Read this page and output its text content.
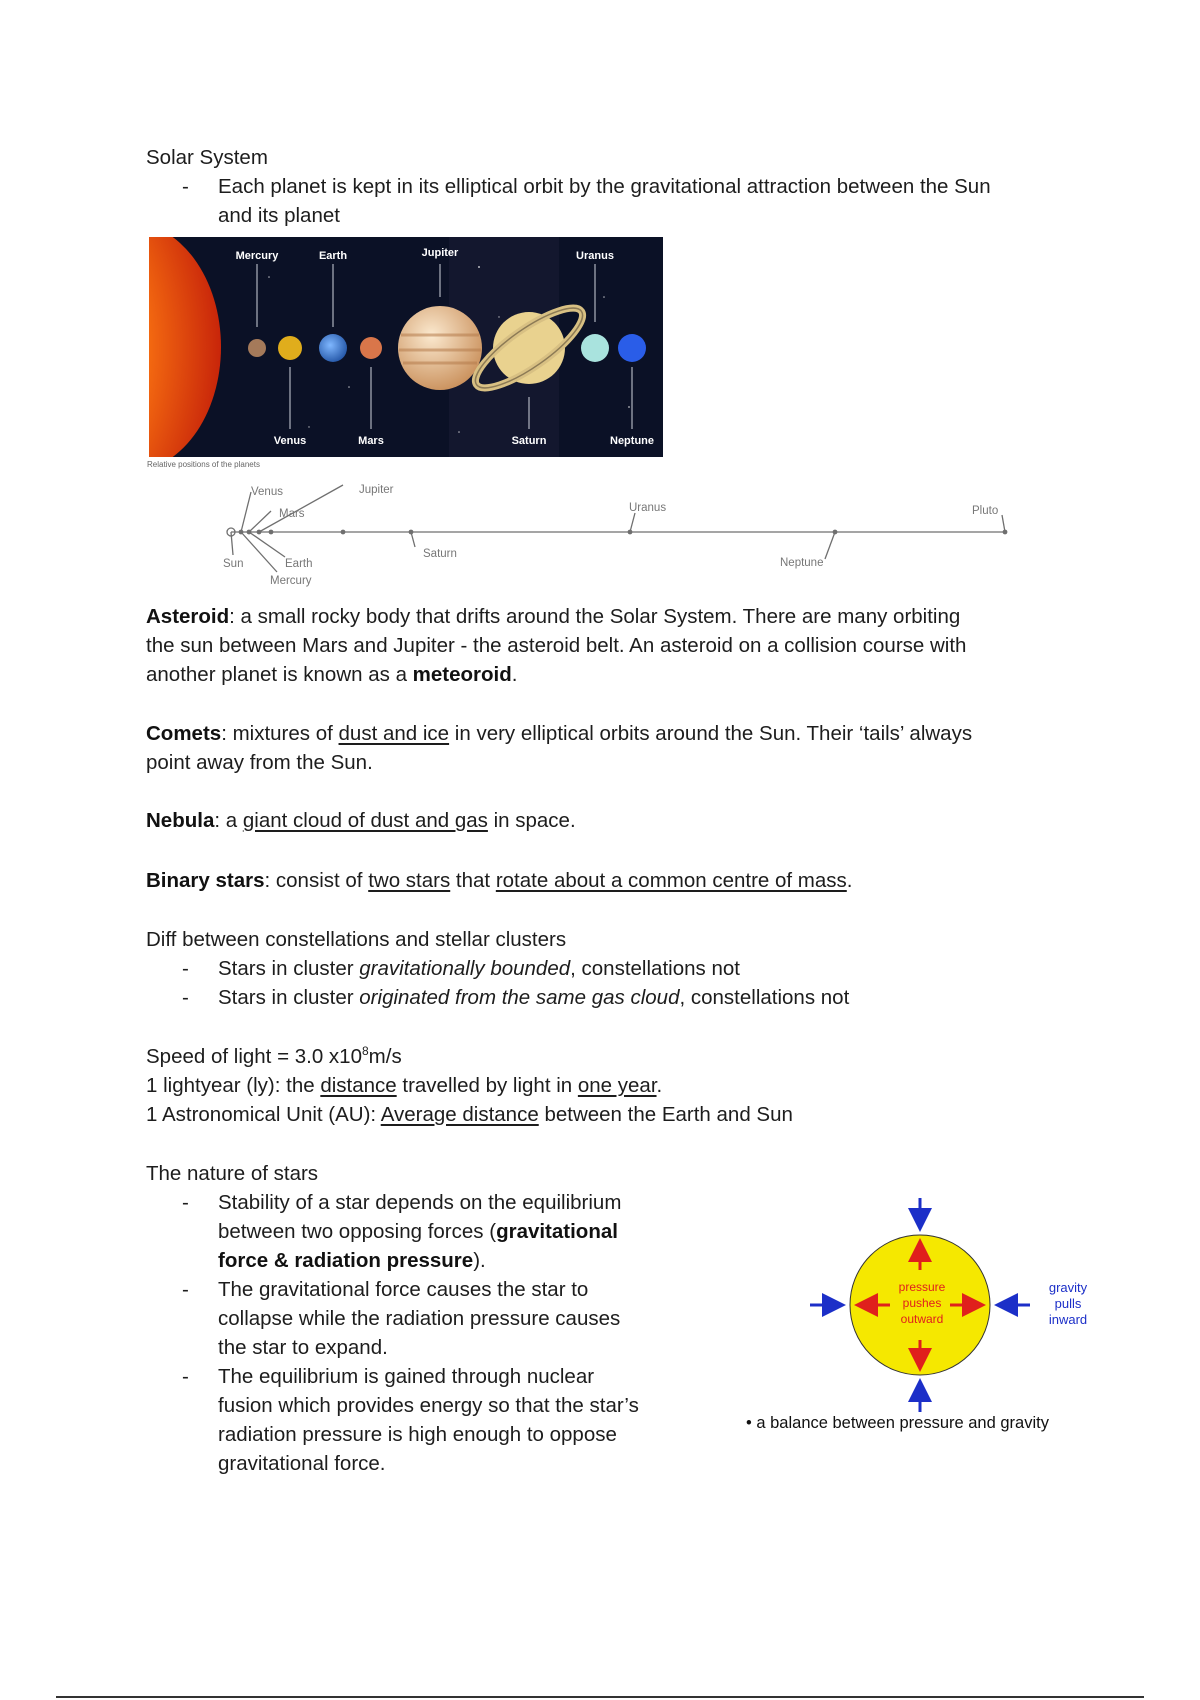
Solar System
- Each planet is kept in its elliptical orbit by the gravitational attraction between the Sun
and its planet
Mercury	Earth	Jupiter	Uranus
Venus	Mars	Saturn	Neptune
Relative positions of the planets
Venus
Mars
Jupiter
Uranus	Pluto
Sun	Earth
Mercury
Saturn
Neptune
Asteroid: a small rocky body that drifts around the Solar System. There are many orbiting
the sun between Mars and Jupiter - the asteroid belt. An asteroid on a collision course with
another planet is known as a meteoroid.
Comets: mixtures of dust and ice in very elliptical orbits around the Sun. Their ‘tails’ always
point away from the Sun.
Nebula: a giant cloud of dust and gas in space.
Binary stars: consist of two stars that rotate about a common centre of mass.
Diff between constellations and stellar clusters
- Stars in cluster gravitationally bounded, constellations not
- Stars in cluster originated from the same gas cloud, constellations not
Speed of light = 3.0 $x10^8m/s$
1 lightyear (ly): the distance travelled by light in one year.
1 Astronomical Unit (AU): Average distance between the Earth and Sun
The nature of stars
- Stability of a star depends on the equilibrium
between two opposing forces (gravitational
force & radiation pressure).
- The gravitational force causes the star to
collapse while the radiation pressure causes
the star to expand.
- The equilibrium is gained through nuclear
fusion which provides energy so that the star’s
radiation pressure is high enough to oppose
gravitational force.
pressure
pushes
outward
gravity
pulls
inward
• a balance between pressure and gravity
